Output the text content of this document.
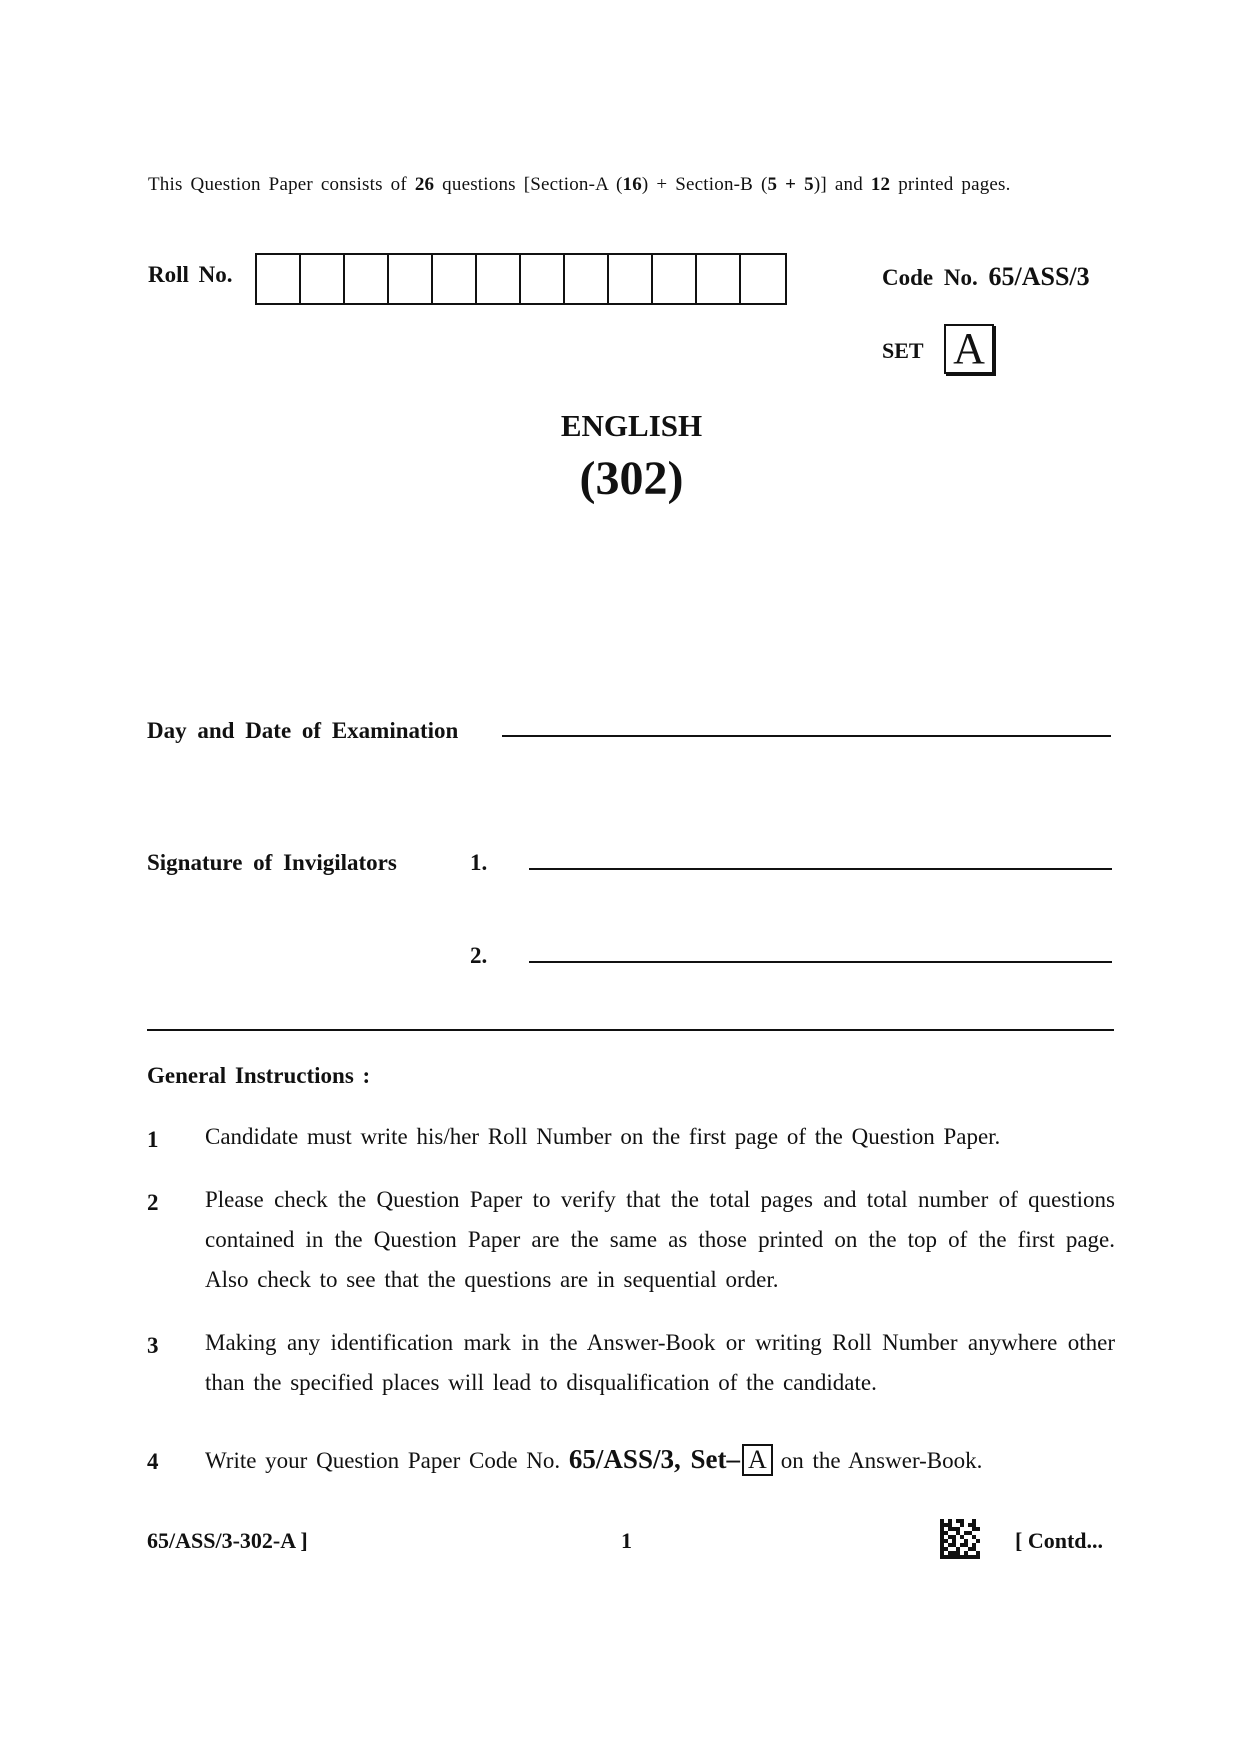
This Question Paper consists of 26 questions [Section-A (16) + Section-B (5 + 5)] and 12 printed pages.
Roll No.	Code No. 65/ASS/3
SET A
ENGLISH
(302)
Day and Date of Examination
Signature of Invigilators	1.
2.
General Instructions :
1 Candidate must write his/her Roll Number on the first page of the Question Paper.
2 Please check the Question Paper to verify that the total pages and total number of questions contained in the Question Paper are the same as those printed on the top of the first page. Also check to see that the questions are in sequential order.
3 Making any identification mark in the Answer-Book or writing Roll Number anywhere other than the specified places will lead to disqualification of the candidate.
4 Write your Question Paper Code No. 65/ASS/3, Set– A on the Answer-Book.
65/ASS/3-302-A ]	1	[ Contd...
